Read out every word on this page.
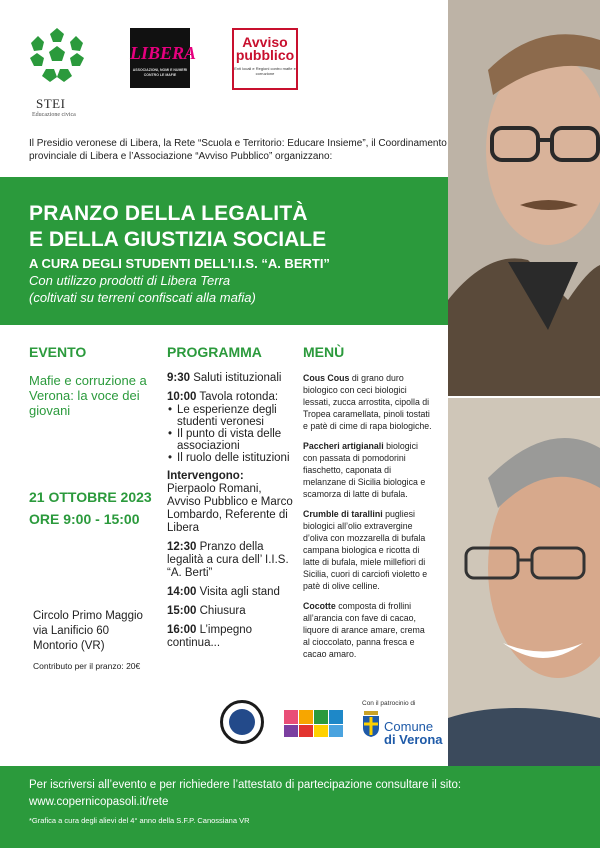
STEI
Educazione civica
LIBERA
ASSOCIAZIONI, NOMI E NUMERI CONTRO LE MAFIE
Avviso
pubblico
Enti locali e Regioni contro mafie e corruzione
Il Presidio veronese di Libera, la Rete “Scuola e Territorio: Educare Insieme”, il Coordinamento provinciale di Libera e l’Associazione “Avviso Pubblico” organizzano:
PRANZO DELLA LEGALITÀ
E DELLA GIUSTIZIA SOCIALE
A CURA DEGLI STUDENTI DELL’I.I.S. “A. BERTI”
Con utilizzo prodotti di Libera Terra
(coltivati su terreni confiscati alla mafia)
EVENTO	PROGRAMMA	MENÙ
Mafie e corruzione a Verona: la voce dei giovani
21 OTTOBRE 2023
ORE 9:00 - 15:00
Circolo Primo Maggio
via Lanificio 60
Montorio (VR)
Contributo per il pranzo: 20€
9:30 Saluti istituzionali
10:00 Tavola rotonda:
• Le esperienze degli studenti veronesi
• Il punto di vista delle associazioni
• Il ruolo delle istituzioni
Intervengono:
Pierpaolo Romani, Avviso Pubblico e Marco Lombardo, Referente di Libera
12:30 Pranzo della legalità a cura dell’ I.I.S. “A. Berti”
14:00 Visita agli stand
15:00 Chiusura
16:00 L’impegno continua...
Cous Cous di grano duro biologico con ceci biologici lessati, zucca arrostita, cipolla di Tropea caramellata, pinoli tostati e patè di cime di rapa biologiche.
Paccheri artigianali biologici con passata di pomodorini fiaschetto, caponata di melanzane di Sicilia biologica e scamorza di latte di bufala.
Crumble di tarallini pugliesi biologici all’olio extravergine d’oliva con mozzarella di bufala campana biologica e ricotta di latte di bufala, miele millefiori di Sicilia, cuori di carciofi violetto e patè di olive celline.
Cocotte composta di frollini all’arancia con fave di cacao, liquore di arance amare, crema al cioccolato, panna fresca e cacao amaro.
Con il patrocinio di
Comune
di Verona
Per iscriversi all’evento e per richiedere l’attestato di partecipazione consultare il sito:
www.copernicopasoli.it/rete
*Grafica a cura degli alievi del 4° anno della S.F.P. Canossiana VR
